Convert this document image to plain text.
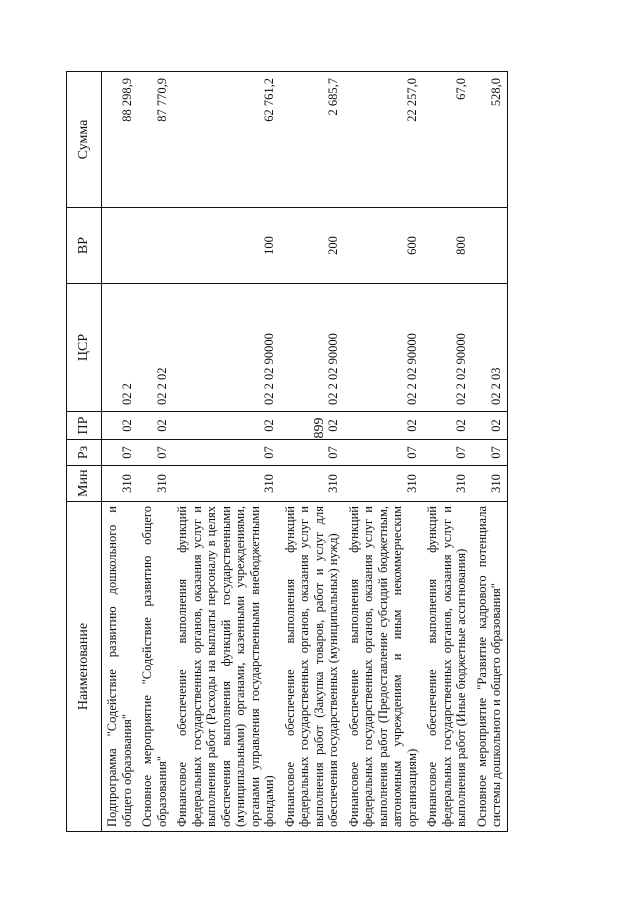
899
Наименование	Мин	Рз	ПР	ЦСР	ВР	Сумма
Подпрограмма "Содействие развитию дошкольного и общего образования"	310	07	02	02 2		88 298,9
Основное мероприятие "Содействие развитию общего образования"	310	07	02	02 2 02		87 770,9
Финансовое обеспечение выполнения функций федеральных государственных органов, оказания услуг и выполнения работ (Расходы на выплаты персоналу в целях обеспечения выполнения функций государственными (муниципальными) органами, казенными учреждениями, органами управления государственными внебюджетными фондами)	310	07	02	02 2 02 90000	100	62 761,2
Финансовое обеспечение выполнения функций федеральных государственных органов, оказания услуг и выполнения работ (Закупка товаров, работ и услуг для обеспечения государственных (муниципальных) нужд)	310	07	02	02 2 02 90000	200	2 685,7
Финансовое обеспечение выполнения функций федеральных государственных органов, оказания услуг и выполнения работ (Предоставление субсидий бюджетным, автономным учреждениям и иным некоммерческим организациям)	310	07	02	02 2 02 90000	600	22 257,0
Финансовое обеспечение выполнения функций федеральных государственных органов, оказания услуг и выполнения работ (Иные бюджетные ассигнования)	310	07	02	02 2 02 90000	800	67,0
Основное мероприятие "Развитие кадрового потенциала системы дошкольного и общего образования"	310	07	02	02 2 03		528,0
